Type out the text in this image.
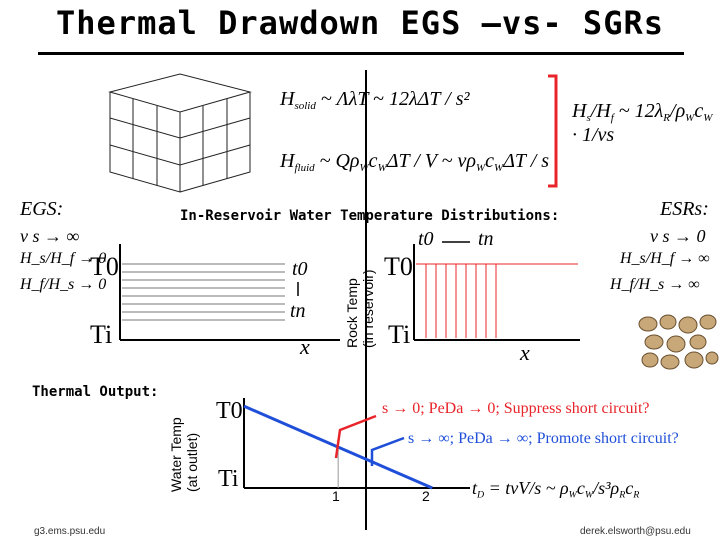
Thermal Drawdown EGS –vs- SGRs
$H_{solid}$ ~ ΛλT ~ 12λΔT / s²
$H_{fluid}$ ~ $Q\rho_Wc_W\Delta T$ / V ~ $v\rho_Wc_W\Delta T$ / s
$H_s/H_f$ ~ $12\lambda_R/\rho_Wc_W \cdot 1/vs$
EGS:
v s → ∞
H_s/H_f → 0
H_f/H_s → 0
ESRs:
v s → 0
H_s/H_f → ∞
H_f/H_s → ∞
In-Reservoir Water Temperature Distributions:
Rock Temp (in reservoir)
Water Temp (at outlet)
Thermal Output:
T0
Ti	x
t0
tn
T0
Ti
x
t0 tn
T0
Ti
1	2
s → 0; PeDa → 0; Suppress short circuit?
s → ∞; PeDa → ∞; Promote short circuit?
$t_D = tvV/s$ ~ $\rho_Wc_W/s^3\rho_Rc_R$
g3.ems.psu.edu	derek.elsworth@psu.edu
